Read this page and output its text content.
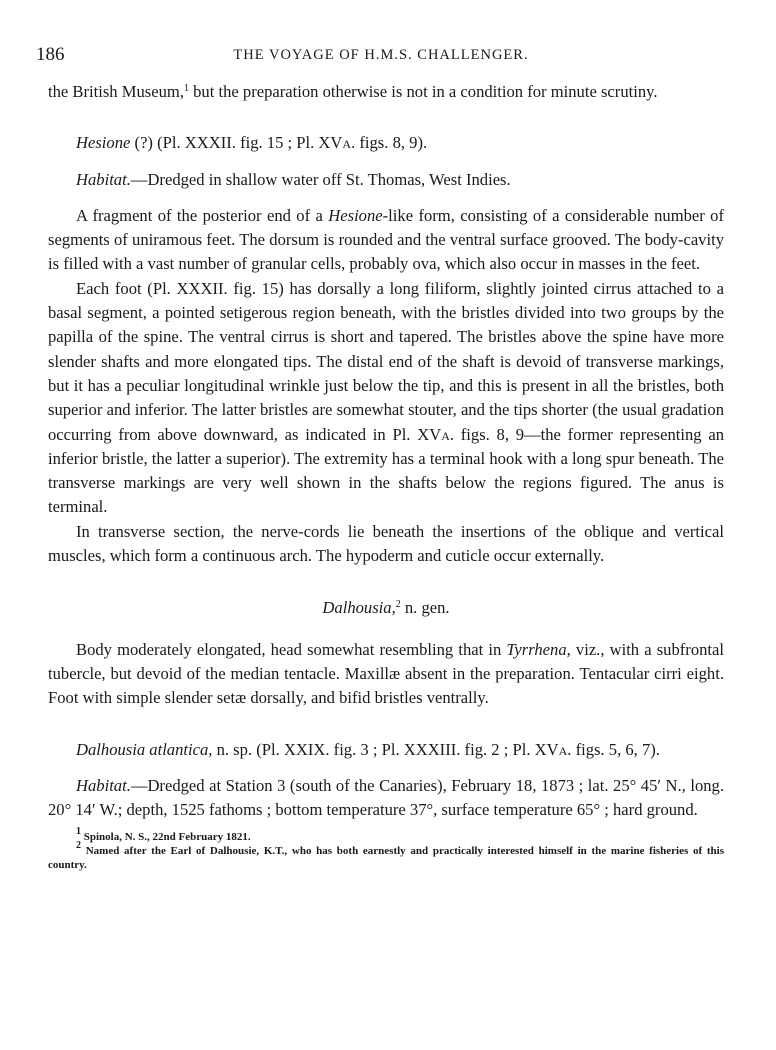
186	THE VOYAGE OF H.M.S. CHALLENGER.

the British Museum,$^1$ but the preparation otherwise is not in a condition for minute scrutiny.

Hesione (?) (Pl. XXXII. fig. 15 ; Pl. XVa. figs. 8, 9).

Habitat.—Dredged in shallow water off St. Thomas, West Indies.

A fragment of the posterior end of a Hesione-like form, consisting of a considerable number of segments of uniramous feet. The dorsum is rounded and the ventral surface grooved. The body-cavity is filled with a vast number of granular cells, probably ova, which also occur in masses in the feet.

Each foot (Pl. XXXII. fig. 15) has dorsally a long filiform, slightly jointed cirrus attached to a basal segment, a pointed setigerous region beneath, with the bristles divided into two groups by the papilla of the spine. The ventral cirrus is short and tapered. The bristles above the spine have more slender shafts and more elongated tips. The distal end of the shaft is devoid of transverse markings, but it has a peculiar longitudinal wrinkle just below the tip, and this is present in all the bristles, both superior and inferior. The latter bristles are somewhat stouter, and the tips shorter (the usual gradation occurring from above downward, as indicated in Pl. XVa. figs. 8, 9—the former representing an inferior bristle, the latter a superior). The extremity has a terminal hook with a long spur beneath. The transverse markings are very well shown in the shafts below the regions figured. The anus is terminal.

In transverse section, the nerve-cords lie beneath the insertions of the oblique and vertical muscles, which form a continuous arch. The hypoderm and cuticle occur externally.

Dalhousia,$^2$ n. gen.

Body moderately elongated, head somewhat resembling that in Tyrrhena, viz., with a subfrontal tubercle, but devoid of the median tentacle. Maxillæ absent in the preparation. Tentacular cirri eight. Foot with simple slender setæ dorsally, and bifid bristles ventrally.

Dalhousia atlantica, n. sp. (Pl. XXIX. fig. 3 ; Pl. XXXIII. fig. 2 ; Pl. XVa. figs. 5, 6, 7).

Habitat.—Dredged at Station 3 (south of the Canaries), February 18, 1873 ; lat. 25° 45′ N., long. 20° 14′ W.; depth, 1525 fathoms ; bottom temperature 37°, surface temperature 65° ; hard ground.

$^1$ Spinola, N. S., 22nd February 1821.

$^2$ Named after the Earl of Dalhousie, K.T., who has both earnestly and practically interested himself in the marine fisheries of this country.
